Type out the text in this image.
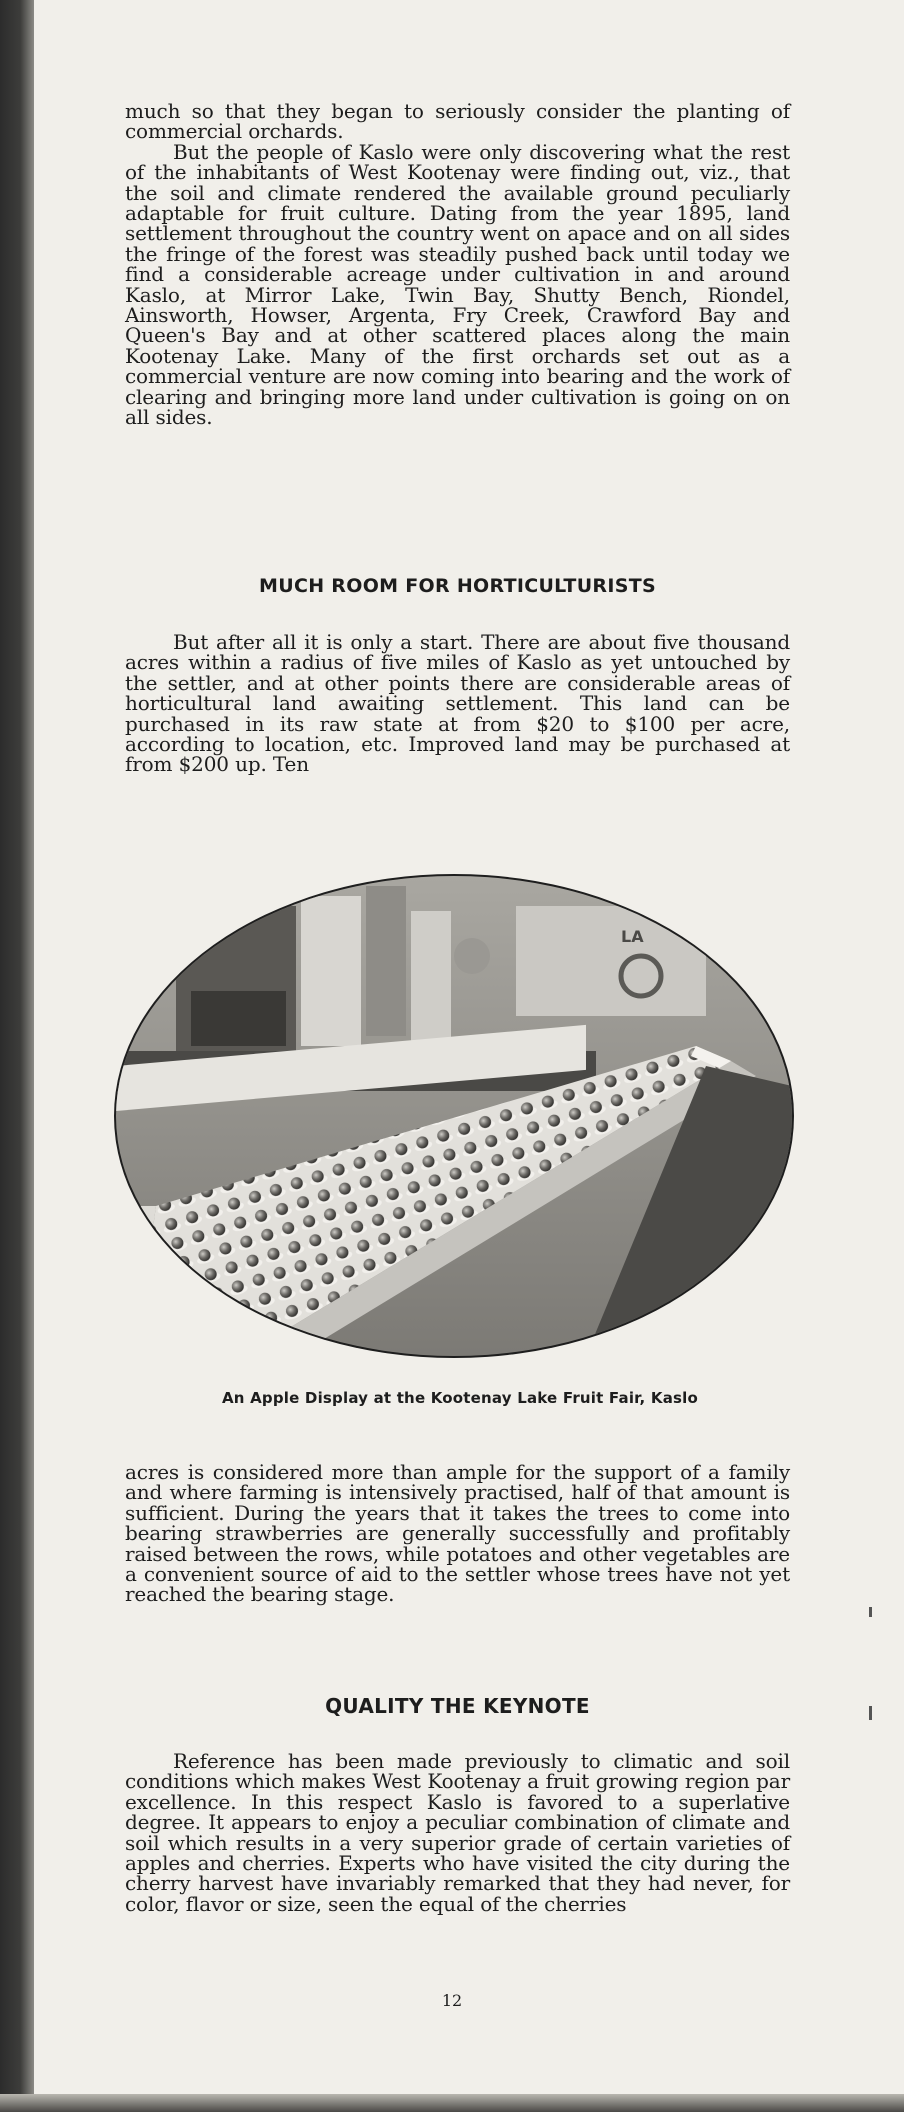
much so that they began to seriously consider the planting of commercial orchards.

But the people of Kaslo were only discovering what the rest of the inhabitants of West Kootenay were finding out, viz., that the soil and climate rendered the available ground peculiarly adaptable for fruit culture. Dating from the year 1895, land settlement throughout the country went on apace and on all sides the fringe of the forest was steadily pushed back until today we find a considerable acreage under cultivation in and around Kaslo, at Mirror Lake, Twin Bay, Shutty Bench, Riondel, Ainsworth, Howser, Argenta, Fry Creek, Crawford Bay and Queen's Bay and at other scattered places along the main Kootenay Lake. Many of the first orchards set out as a commercial venture are now coming into bearing and the work of clearing and bringing more land under cultivation is going on on all sides.

MUCH ROOM FOR HORTICULTURISTS

But after all it is only a start. There are about five thousand acres within a radius of five miles of Kaslo as yet untouched by the settler, and at other points there are considerable areas of horticultural land awaiting settlement. This land can be purchased in its raw state at from $20 to $100 per acre, according to location, etc. Improved land may be purchased at from $200 up. Ten

LA
An Apple Display at the Kootenay Lake Fruit Fair, Kaslo

acres is considered more than ample for the support of a family and where farming is intensively practised, half of that amount is sufficient. During the years that it takes the trees to come into bearing strawberries are generally successfully and profitably raised between the rows, while potatoes and other vegetables are a convenient source of aid to the settler whose trees have not yet reached the bearing stage.

QUALITY THE KEYNOTE

Reference has been made previously to climatic and soil conditions which makes West Kootenay a fruit growing region par excellence. In this respect Kaslo is favored to a superlative degree. It appears to enjoy a peculiar combination of climate and soil which results in a very superior grade of certain varieties of apples and cherries. Experts who have visited the city during the cherry harvest have invariably remarked that they had never, for color, flavor or size, seen the equal of the cherries

12
